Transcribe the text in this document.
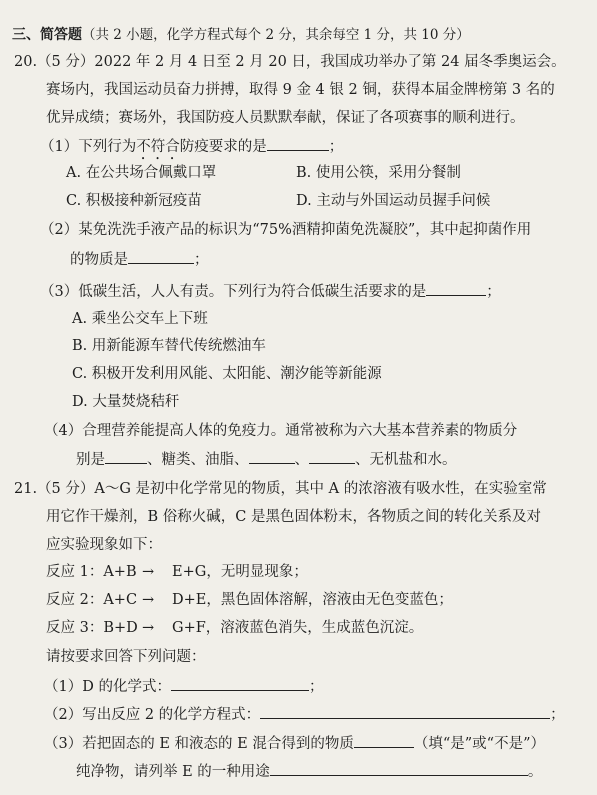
三、简答题（共 2 小题，化学方程式每个 2 分，其余每空 1 分，共 10 分）
20.（5 分）2022 年 2 月 4 日至 2 月 20 日，我国成功举办了第 24 届冬季奥运会。
赛场内，我国运动员奋力拼搏，取得 9 金 4 银 2 铜，获得本届金牌榜第 3 名的
优异成绩；赛场外，我国防疫人员默默奉献，保证了各项赛事的顺利进行。
（1）下列行为不符合防疫要求的是	；
A. 在公共场合佩戴口罩	B. 使用公筷，采用分餐制
C. 积极接种新冠疫苗	D. 主动与外国运动员握手问候
（2）某免洗洗手液产品的标识为“75%酒精抑菌免洗凝胶”，其中起抑菌作用
的物质是	；
（3）低碳生活，人人有责。下列行为符合低碳生活要求的是	；
A. 乘坐公交车上下班
B. 用新能源车替代传统燃油车
C. 积极开发利用风能、太阳能、潮汐能等新能源
D. 大量焚烧秸秆
（4）合理营养能提高人体的免疫力。通常被称为六大基本营养素的物质分
别是	、糖类、油脂、	、	、无机盐和水。
21.（5 分）A～G 是初中化学常见的物质，其中 A 的浓溶液有吸水性，在实验室常
用它作干燥剂，B 俗称火碱，C 是黑色固体粉末，各物质之间的转化关系及对
应实验现象如下：
反应 1：A+B → E+G，无明显现象；
反应 2：A+C → D+E，黑色固体溶解，溶液由无色变蓝色；
反应 3：B+D → G+F，溶液蓝色消失，生成蓝色沉淀。
请按要求回答下列问题：
（1）D 的化学式：	；
（2）写出反应 2 的化学方程式：	；
（3）若把固态的 E 和液态的 E 混合得到的物质	（填“是”或“不是”）
纯净物，请列举 E 的一种用途	。
